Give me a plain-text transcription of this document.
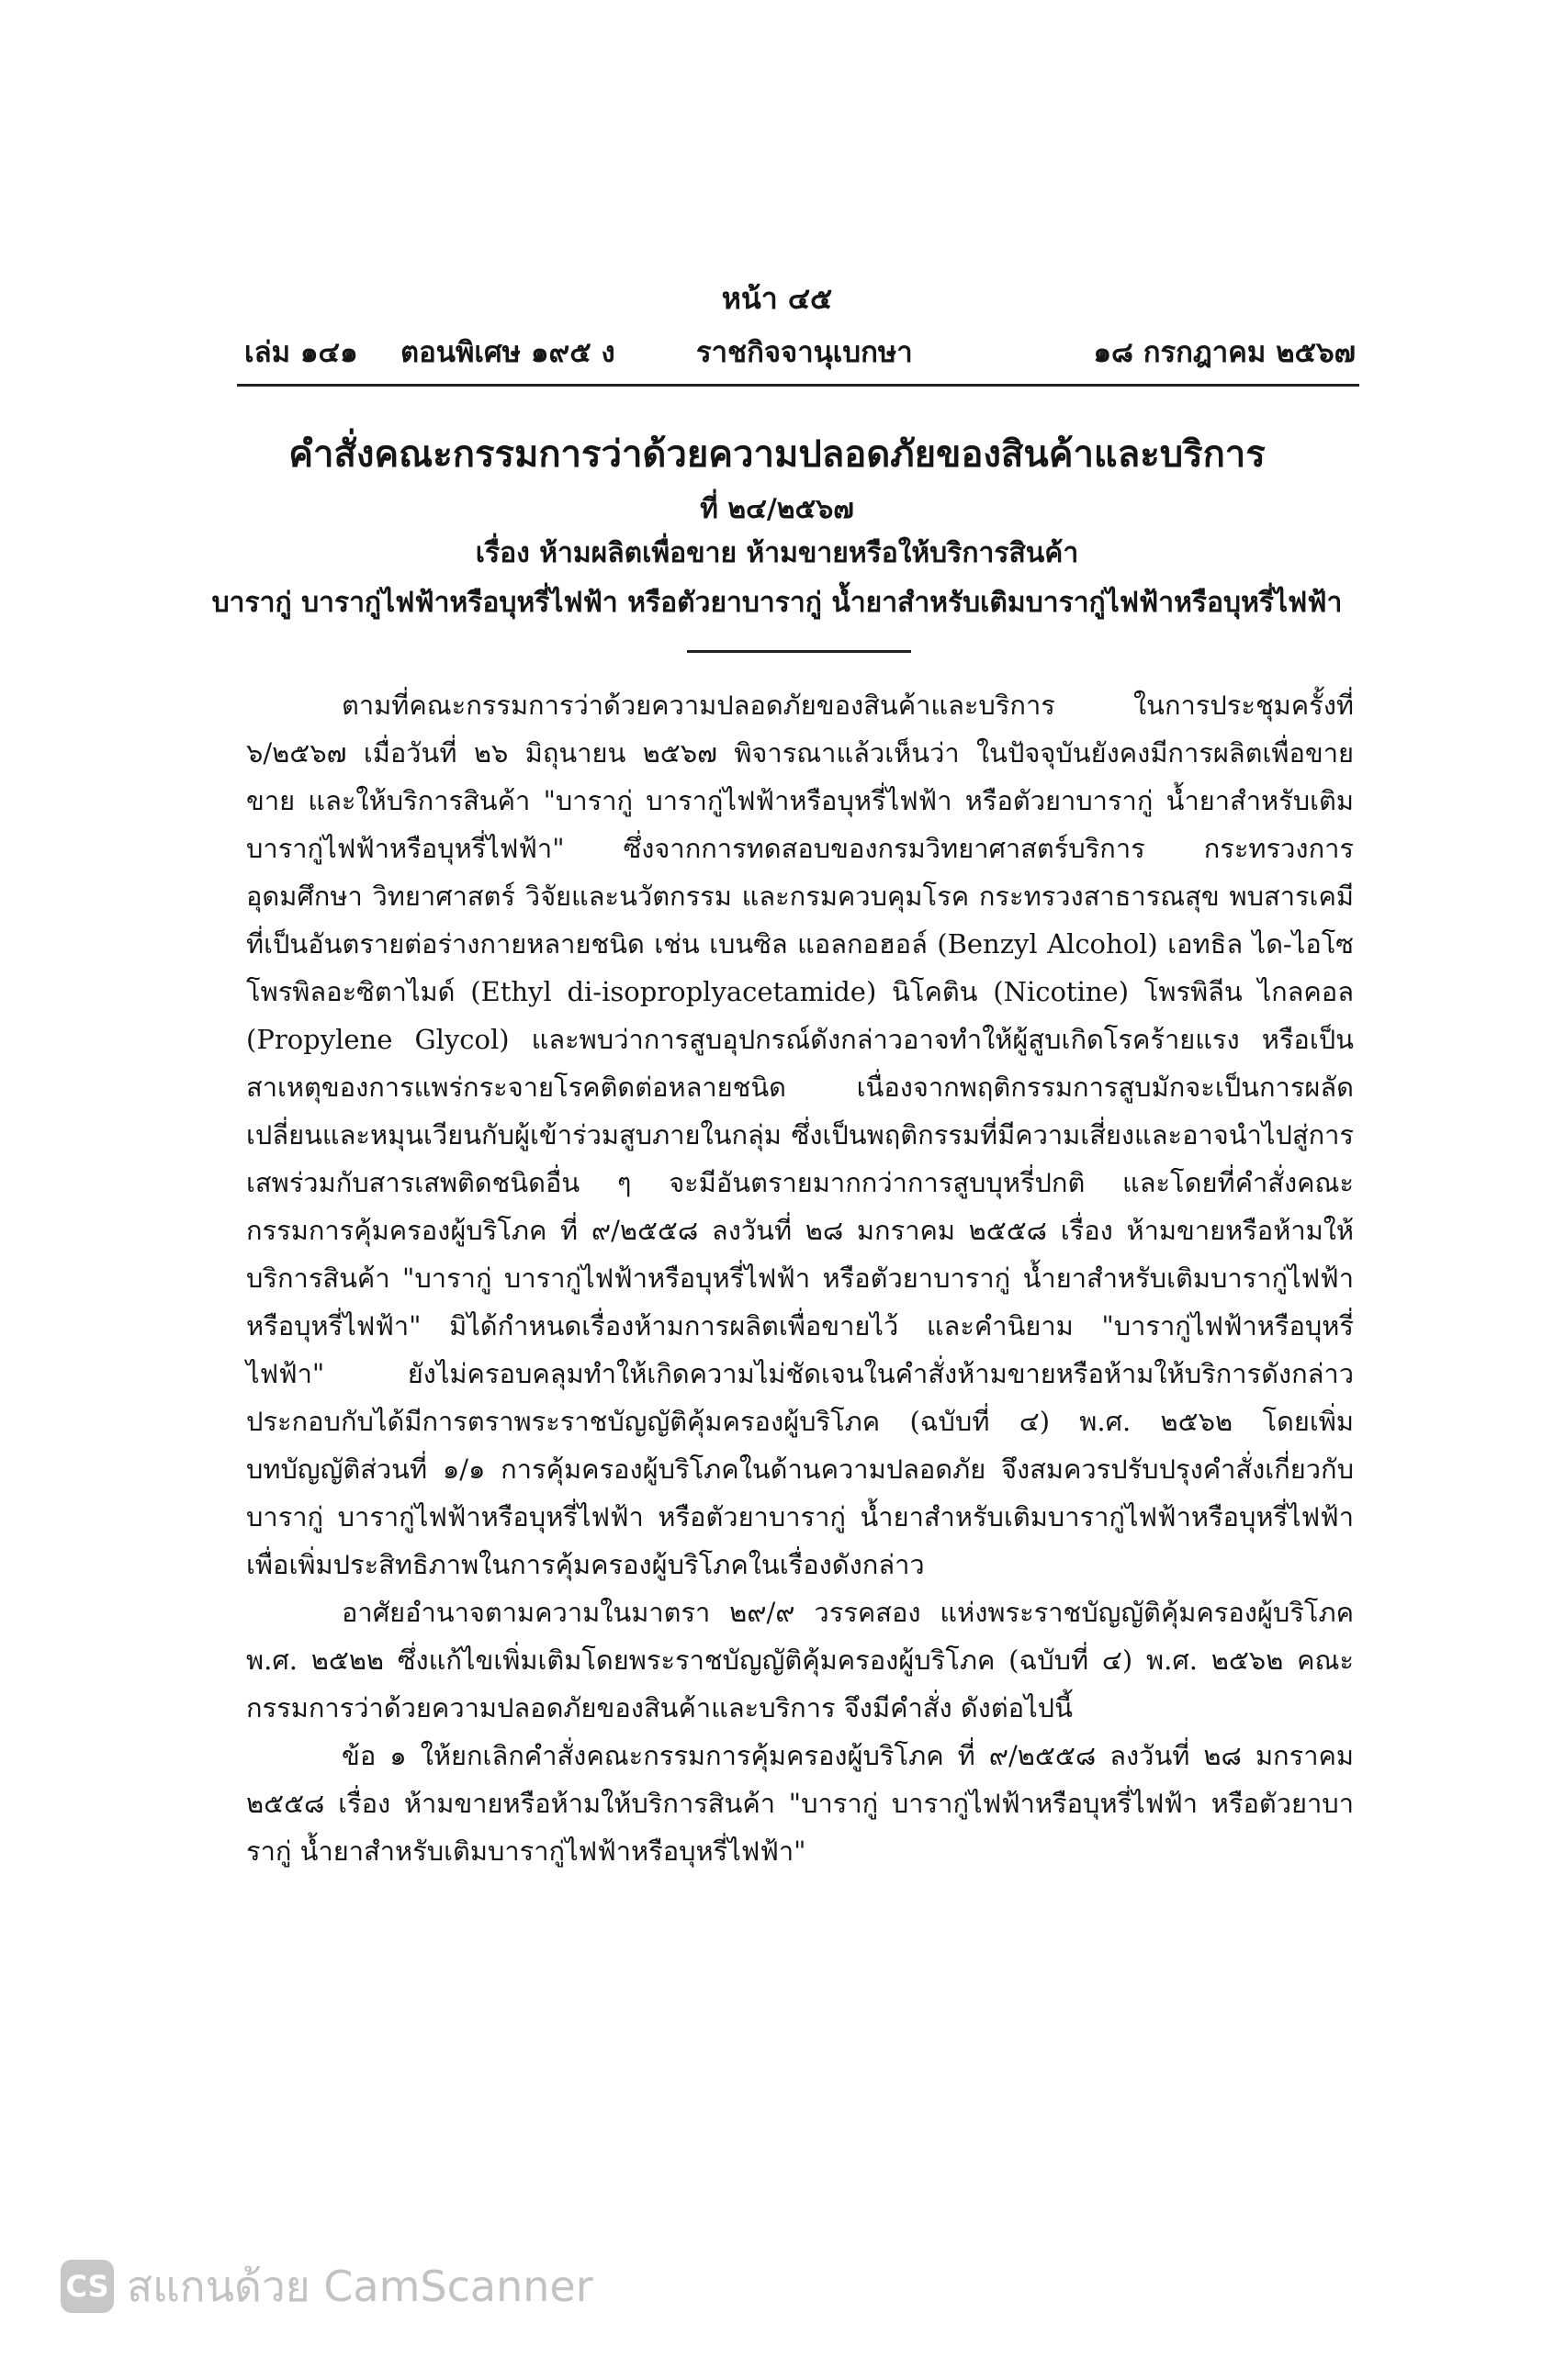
หน้า ๔๕
เล่ม ๑๔๑ ตอนพิเศษ ๑๙๕ ง	ราชกิจจานุเบกษา	๑๘ กรกฎาคม ๒๕๖๗
คำสั่งคณะกรรมการว่าด้วยความปลอดภัยของสินค้าและบริการ
ที่ ๒๔/๒๕๖๗
เรื่อง ห้ามผลิตเพื่อขาย ห้ามขายหรือให้บริการสินค้า
บารากู่ บารากู่ไฟฟ้าหรือบุหรี่ไฟฟ้า หรือตัวยาบารากู่ น้ำยาสำหรับเติมบารากู่ไฟฟ้าหรือบุหรี่ไฟฟ้า

ตามที่คณะกรรมการว่าด้วยความปลอดภัยของสินค้าและบริการ ในการประชุมครั้งที่ ๖/๒๕๖๗ เมื่อวันที่ ๒๖ มิถุนายน ๒๕๖๗ พิจารณาแล้วเห็นว่า ในปัจจุบันยังคงมีการผลิตเพื่อขาย ขาย และให้บริการสินค้า "บารากู่ บารากู่ไฟฟ้าหรือบุหรี่ไฟฟ้า หรือตัวยาบารากู่ น้ำยาสำหรับเติมบารากู่ไฟฟ้าหรือบุหรี่ไฟฟ้า" ซึ่งจากการทดสอบของกรมวิทยาศาสตร์บริการ กระทรวงการอุดมศึกษา วิทยาศาสตร์ วิจัยและนวัตกรรม และกรมควบคุมโรค กระทรวงสาธารณสุข พบสารเคมีที่เป็นอันตรายต่อร่างกายหลายชนิด เช่น เบนซิล แอลกอฮอล์ (Benzyl Alcohol) เอทธิล ได-ไอโซโพรพิลอะซิตาไมด์ (Ethyl di-isoproplyacetamide) นิโคติน (Nicotine) โพรพิลีน ไกลคอล (Propylene Glycol) และพบว่าการสูบอุปกรณ์ดังกล่าวอาจทำให้ผู้สูบเกิดโรคร้ายแรง หรือเป็นสาเหตุของการแพร่กระจายโรคติดต่อหลายชนิด เนื่องจากพฤติกรรมการสูบมักจะเป็นการผลัดเปลี่ยนและหมุนเวียนกับผู้เข้าร่วมสูบภายในกลุ่ม ซึ่งเป็นพฤติกรรมที่มีความเสี่ยงและอาจนำไปสู่การเสพร่วมกับสารเสพติดชนิดอื่น ๆ จะมีอันตรายมากกว่าการสูบบุหรี่ปกติ และโดยที่คำสั่งคณะกรรมการคุ้มครองผู้บริโภค ที่ ๙/๒๕๕๘ ลงวันที่ ๒๘ มกราคม ๒๕๕๘ เรื่อง ห้ามขายหรือห้ามให้บริการสินค้า "บารากู่ บารากู่ไฟฟ้าหรือบุหรี่ไฟฟ้า หรือตัวยาบารากู่ น้ำยาสำหรับเติมบารากู่ไฟฟ้าหรือบุหรี่ไฟฟ้า" มิได้กำหนดเรื่องห้ามการผลิตเพื่อขายไว้ และคำนิยาม "บารากู่ไฟฟ้าหรือบุหรี่ไฟฟ้า" ยังไม่ครอบคลุมทำให้เกิดความไม่ชัดเจนในคำสั่งห้ามขายหรือห้ามให้บริการดังกล่าว ประกอบกับได้มีการตราพระราชบัญญัติคุ้มครองผู้บริโภค (ฉบับที่ ๔) พ.ศ. ๒๕๖๒ โดยเพิ่มบทบัญญัติส่วนที่ ๑/๑ การคุ้มครองผู้บริโภคในด้านความปลอดภัย จึงสมควรปรับปรุงคำสั่งเกี่ยวกับบารากู่ บารากู่ไฟฟ้าหรือบุหรี่ไฟฟ้า หรือตัวยาบารากู่ น้ำยาสำหรับเติมบารากู่ไฟฟ้าหรือบุหรี่ไฟฟ้า เพื่อเพิ่มประสิทธิภาพในการคุ้มครองผู้บริโภคในเรื่องดังกล่าว

อาศัยอำนาจตามความในมาตรา ๒๙/๙ วรรคสอง แห่งพระราชบัญญัติคุ้มครองผู้บริโภค พ.ศ. ๒๕๒๒ ซึ่งแก้ไขเพิ่มเติมโดยพระราชบัญญัติคุ้มครองผู้บริโภค (ฉบับที่ ๔) พ.ศ. ๒๕๖๒ คณะกรรมการว่าด้วยความปลอดภัยของสินค้าและบริการ จึงมีคำสั่ง ดังต่อไปนี้

ข้อ ๑ ให้ยกเลิกคำสั่งคณะกรรมการคุ้มครองผู้บริโภค ที่ ๙/๒๕๕๘ ลงวันที่ ๒๘ มกราคม ๒๕๕๘ เรื่อง ห้ามขายหรือห้ามให้บริการสินค้า "บารากู่ บารากู่ไฟฟ้าหรือบุหรี่ไฟฟ้า หรือตัวยาบารากู่ น้ำยาสำหรับเติมบารากู่ไฟฟ้าหรือบุหรี่ไฟฟ้า"

CS สแกนด้วย CamScanner
